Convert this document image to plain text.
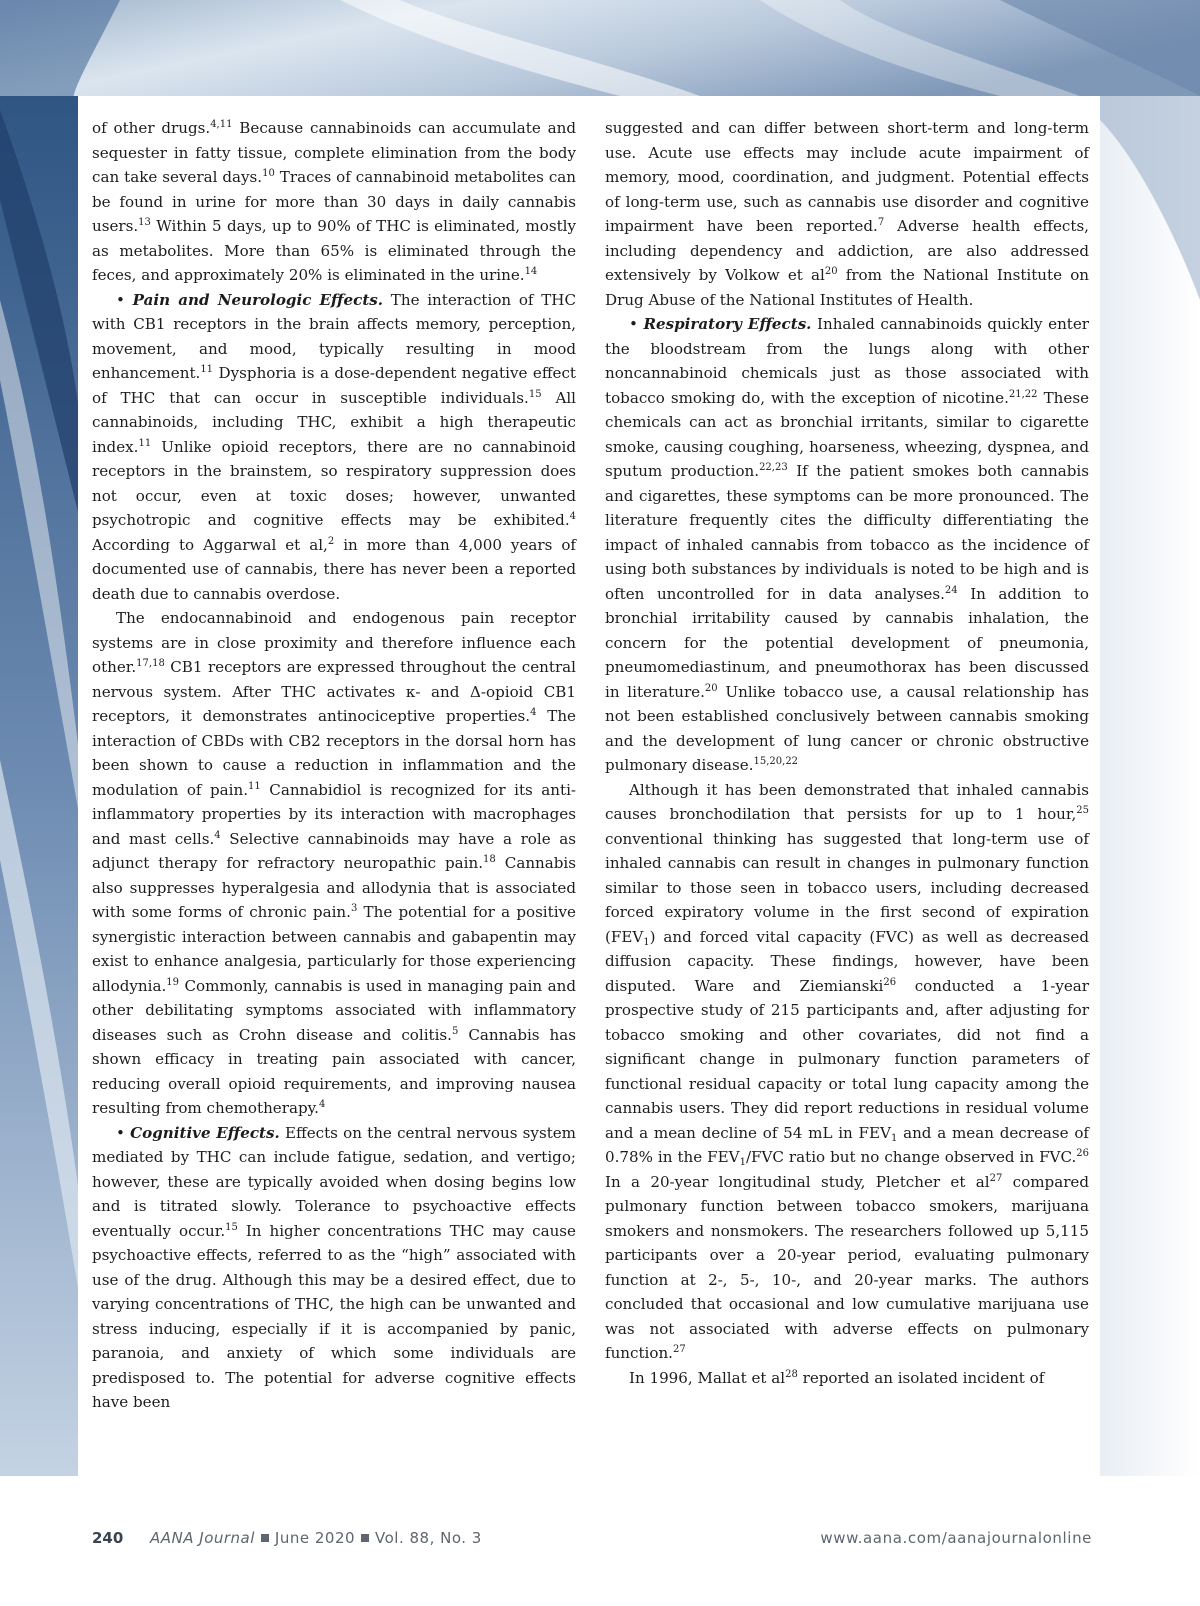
of other drugs.$^{4,11}$ Because cannabinoids can accumulate and sequester in fatty tissue, complete elimination from the body can take several days.$^{10}$ Traces of cannabinoid metabolites can be found in urine for more than 30 days in daily cannabis users.$^{13}$ Within 5 days, up to 90% of THC is eliminated, mostly as metabolites. More than 65% is eliminated through the feces, and approximately 20% is eliminated in the urine.$^{14}$

• Pain and Neurologic Effects. The interaction of THC with CB1 receptors in the brain affects memory, perception, movement, and mood, typically resulting in mood enhancement.$^{11}$ Dysphoria is a dose-dependent negative effect of THC that can occur in susceptible individuals.$^{15}$ All cannabinoids, including THC, exhibit a high therapeutic index.$^{11}$ Unlike opioid receptors, there are no cannabinoid receptors in the brainstem, so respiratory suppression does not occur, even at toxic doses; however, unwanted psychotropic and cognitive effects may be exhibited.$^4$ According to Aggarwal et al,$^2$ in more than 4,000 years of documented use of cannabis, there has never been a reported death due to cannabis overdose.

The endocannabinoid and endogenous pain receptor systems are in close proximity and therefore influence each other.$^{17,18}$ CB1 receptors are expressed throughout the central nervous system. After THC activates κ- and Δ-opioid CB1 receptors, it demonstrates antinociceptive properties.$^4$ The interaction of CBDs with CB2 receptors in the dorsal horn has been shown to cause a reduction in inflammation and the modulation of pain.$^{11}$ Cannabidiol is recognized for its anti-inflammatory properties by its interaction with macrophages and mast cells.$^4$ Selective cannabinoids may have a role as adjunct therapy for refractory neuropathic pain.$^{18}$ Cannabis also suppresses hyperalgesia and allodynia that is associated with some forms of chronic pain.$^3$ The potential for a positive synergistic interaction between cannabis and gabapentin may exist to enhance analgesia, particularly for those experiencing allodynia.$^{19}$ Commonly, cannabis is used in managing pain and other debilitating symptoms associated with inflammatory diseases such as Crohn disease and colitis.$^5$ Cannabis has shown efficacy in treating pain associated with cancer, reducing overall opioid requirements, and improving nausea resulting from chemotherapy.$^4$

• Cognitive Effects. Effects on the central nervous system mediated by THC can include fatigue, sedation, and vertigo; however, these are typically avoided when dosing begins low and is titrated slowly. Tolerance to psychoactive effects eventually occur.$^{15}$ In higher concentrations THC may cause psychoactive effects, referred to as the “high” associated with use of the drug. Although this may be a desired effect, due to varying concentrations of THC, the high can be unwanted and stress inducing, especially if it is accompanied by panic, paranoia, and anxiety of which some individuals are predisposed to. The potential for adverse cognitive effects have been

suggested and can differ between short-term and long-term use. Acute use effects may include acute impairment of memory, mood, coordination, and judgment. Potential effects of long-term use, such as cannabis use disorder and cognitive impairment have been reported.$^7$ Adverse health effects, including dependency and addiction, are also addressed extensively by Volkow et $al^{20}$ from the National Institute on Drug Abuse of the National Institutes of Health.

• Respiratory Effects. Inhaled cannabinoids quickly enter the bloodstream from the lungs along with other noncannabinoid chemicals just as those associated with tobacco smoking do, with the exception of nicotine.$^{21,22}$ These chemicals can act as bronchial irritants, similar to cigarette smoke, causing coughing, hoarseness, wheezing, dyspnea, and sputum production.$^{22,23}$ If the patient smokes both cannabis and cigarettes, these symptoms can be more pronounced. The literature frequently cites the difficulty differentiating the impact of inhaled cannabis from tobacco as the incidence of using both substances by individuals is noted to be high and is often uncontrolled for in data analyses.$^{24}$ In addition to bronchial irritability caused by cannabis inhalation, the concern for the potential development of pneumonia, pneumomediastinum, and pneumothorax has been discussed in literature.$^{20}$ Unlike tobacco use, a causal relationship has not been established conclusively between cannabis smoking and the development of lung cancer or chronic obstructive pulmonary disease.$^{15,20,22}$

Although it has been demonstrated that inhaled cannabis causes bronchodilation that persists for up to 1 hour,$^{25}$ conventional thinking has suggested that long-term use of inhaled cannabis can result in changes in pulmonary function similar to those seen in tobacco users, including decreased forced expiratory volume in the first second of expiration $(FEV_1)$ and forced vital capacity (FVC) as well as decreased diffusion capacity. These findings, however, have been disputed. Ware and Ziemianski$^{26}$ conducted a 1-year prospective study of 215 participants and, after adjusting for tobacco smoking and other covariates, did not find a significant change in pulmonary function parameters of functional residual capacity or total lung capacity among the cannabis users. They did report reductions in residual volume and a mean decline of 54 mL in $FEV_1$ and a mean decrease of 0.78% in the $FEV_1$/FVC ratio but no change observed in FVC.$^{26}$ In a 20-year longitudinal study, Pletcher et $al^{27}$ compared pulmonary function between tobacco smokers, marijuana smokers and nonsmokers. The researchers followed up 5,115 participants over a 20-year period, evaluating pulmonary function at 2-, 5-, 10-, and 20-year marks. The authors concluded that occasional and low cumulative marijuana use was not associated with adverse effects on pulmonary function.$^{27}$

In 1996, Mallat et $al^{28}$ reported an isolated incident of

240 AANA Journal June 2020 Vol. 88, No. 3	www.aana.com/aanajournalonline
